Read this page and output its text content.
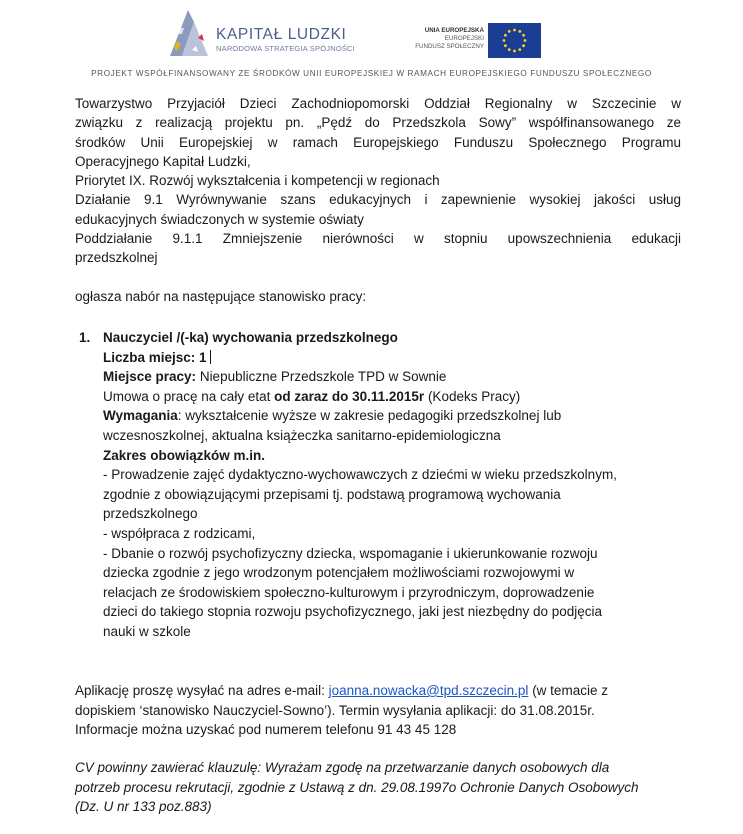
KAPITAŁ LUDZKI
NARODOWA STRATEGIA SPÓJNOŚCI
UNIA EUROPEJSKA
EUROPEJSKI
FUNDUSZ SPOŁECZNY
PROJEKT WSPÓŁFINANSOWANY ZE ŚRODKÓW UNII EUROPEJSKIEJ W RAMACH EUROPEJSKIEGO FUNDUSZU SPOŁECZNEGO
Towarzystwo Przyjaciół Dzieci Zachodniopomorski Oddział Regionalny w Szczecinie w
związku z realizacją projektu pn. „Pędź do Przedszkola Sowy” współfinansowanego ze
środków Unii Europejskiej w ramach Europejskiego Funduszu Społecznego Programu
Operacyjnego Kapitał Ludzki,
Priorytet IX. Rozwój wykształcenia i kompetencji w regionach
Działanie 9.1 Wyrównywanie szans edukacyjnych i zapewnienie wysokiej jakości usług
edukacyjnych świadczonych w systemie oświaty
Poddziałanie 9.1.1 Zmniejszenie nierówności w stopniu upowszechnienia edukacji
przedszkolnej
ogłasza nabór na następujące stanowisko pracy:
1. Nauczyciel /(-ka) wychowania przedszkolnego
Liczba miejsc: 1
Miejsce pracy: Niepubliczne Przedszkole TPD w Sownie
Umowa o pracę na cały etat od zaraz do 30.11.2015r (Kodeks Pracy)
Wymagania: wykształcenie wyższe w zakresie pedagogiki przedszkolnej lub
wczesnoszkolnej, aktualna książeczka sanitarno-epidemiologiczna
Zakres obowiązków m.in.
- Prowadzenie zajęć dydaktyczno-wychowawczych z dziećmi w wieku przedszkolnym,
zgodnie z obowiązującymi przepisami tj. podstawą programową wychowania
przedszkolnego
- współpraca z rodzicami,
- Dbanie o rozwój psychofizyczny dziecka, wspomaganie i ukierunkowanie rozwoju
dziecka zgodnie z jego wrodzonym potencjałem możliwościami rozwojowymi w
relacjach ze środowiskiem społeczno-kulturowym i przyrodniczym, doprowadzenie
dzieci do takiego stopnia rozwoju psychofizycznego, jaki jest niezbędny do podjęcia
nauki w szkole
Aplikację proszę wysyłać na adres e-mail: joanna.nowacka@tpd.szczecin.pl (w temacie z
dopiskiem ‘stanowisko Nauczyciel-Sowno’). Termin wysyłania aplikacji: do 31.08.2015r.
Informacje można uzyskać pod numerem telefonu 91 43 45 128
CV powinny zawierać klauzulę: Wyrażam zgodę na przetwarzanie danych osobowych dla
potrzeb procesu rekrutacji, zgodnie z Ustawą z dn. 29.08.1997o Ochronie Danych Osobowych
(Dz. U nr 133 poz.883)
